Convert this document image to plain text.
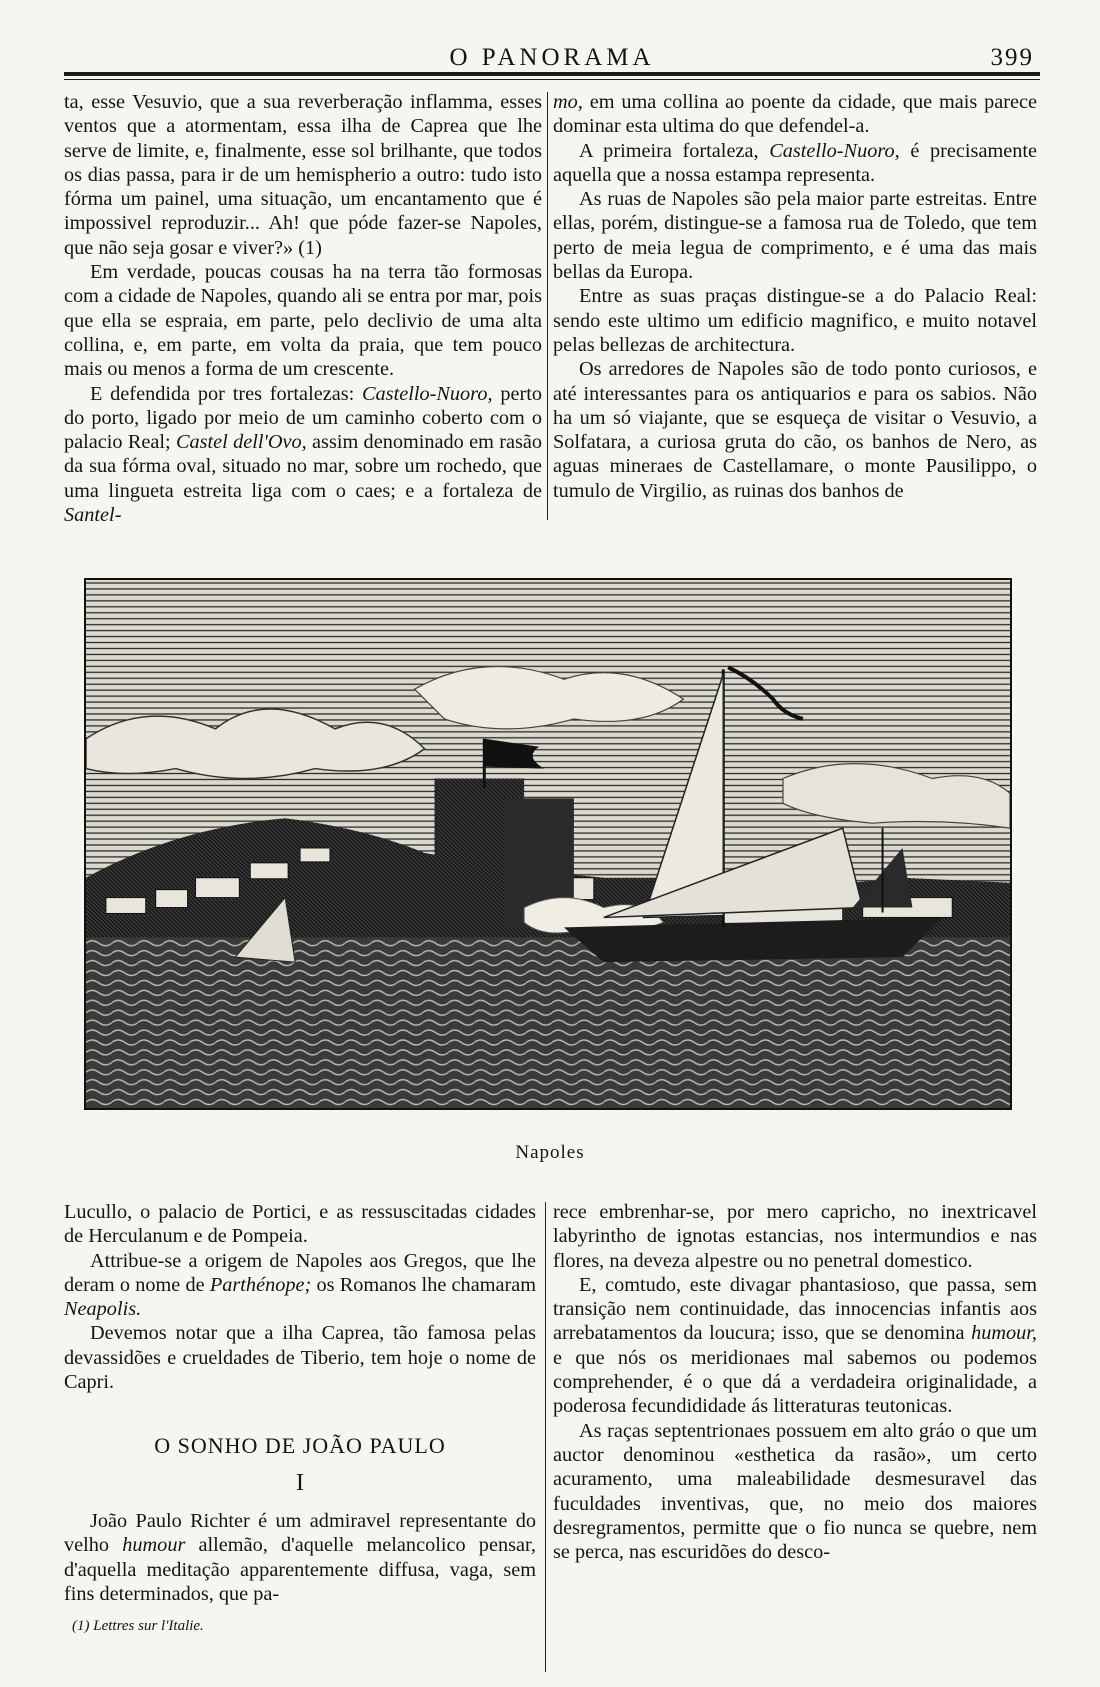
O PANORAMA	399

ta, esse Vesuvio, que a sua reverberação inflamma, esses ventos que a atormentam, essa ilha de Caprea que lhe serve de limite, e, finalmente, esse sol brilhante, que todos os dias passa, para ir de um hemispherio a outro: tudo isto fórma um painel, uma situação, um encantamento que é impossivel reproduzir... Ah! que póde fazer-se Napoles, que não seja gosar e viver?» (1)

Em verdade, poucas cousas ha na terra tão formosas com a cidade de Napoles, quando ali se entra por mar, pois que ella se espraia, em parte, pelo declivio de uma alta collina, e, em parte, em volta da praia, que tem pouco mais ou menos a forma de um crescente.

E defendida por tres fortalezas: Castello-Nuoro, perto do porto, ligado por meio de um caminho coberto com o palacio Real; Castel dell'Ovo, assim denominado em rasão da sua fórma oval, situado no mar, sobre um rochedo, que uma lingueta estreita liga com o caes; e a fortaleza de Santel-

mo, em uma collina ao poente da cidade, que mais parece dominar esta ultima do que defendel-a.

A primeira fortaleza, Castello-Nuoro, é precisamente aquella que a nossa estampa representa.

As ruas de Napoles são pela maior parte estreitas. Entre ellas, porém, distingue-se a famosa rua de Toledo, que tem perto de meia legua de comprimento, e é uma das mais bellas da Europa.

Entre as suas praças distingue-se a do Palacio Real: sendo este ultimo um edificio magnifico, e muito notavel pelas bellezas de architectura.

Os arredores de Napoles são de todo ponto curiosos, e até interessantes para os antiquarios e para os sabios. Não ha um só viajante, que se esqueça de visitar o Vesuvio, a Solfatara, a curiosa gruta do cão, os banhos de Nero, as aguas mineraes de Castellamare, o monte Pausilippo, o tumulo de Virgilio, as ruinas dos banhos de

Napoles

Lucullo, o palacio de Portici, e as ressuscitadas cidades de Herculanum e de Pompeia.

Attribue-se a origem de Napoles aos Gregos, que lhe deram o nome de Parthénope; os Romanos lhe chamaram Neapolis.

Devemos notar que a ilha Caprea, tão famosa pelas devassidões e crueldades de Tiberio, tem hoje o nome de Capri.

O SONHO DE JOÃO PAULO
I

João Paulo Richter é um admiravel representante do velho humour allemão, d'aquelle melancolico pensar, d'aquella meditação apparentemente diffusa, vaga, sem fins determinados, que pa-

(1) Lettres sur l'Italie.

rece embrenhar-se, por mero capricho, no inextricavel labyrintho de ignotas estancias, nos intermundios e nas flores, na deveza alpestre ou no penetral domestico.

E, comtudo, este divagar phantasioso, que passa, sem transição nem continuidade, das innocencias infantis aos arrebatamentos da loucura; isso, que se denomina humour, e que nós os meridionaes mal sabemos ou podemos comprehender, é o que dá a verdadeira originalidade, a poderosa fecundididade ás litteraturas teutonicas.

As raças septentrionaes possuem em alto gráo o que um auctor denominou «esthetica da rasão», um certo acuramento, uma maleabilidade desmesuravel das fuculdades inventivas, que, no meio dos maiores desregramentos, permitte que o fio nunca se quebre, nem se perca, nas escuridões do desco-
